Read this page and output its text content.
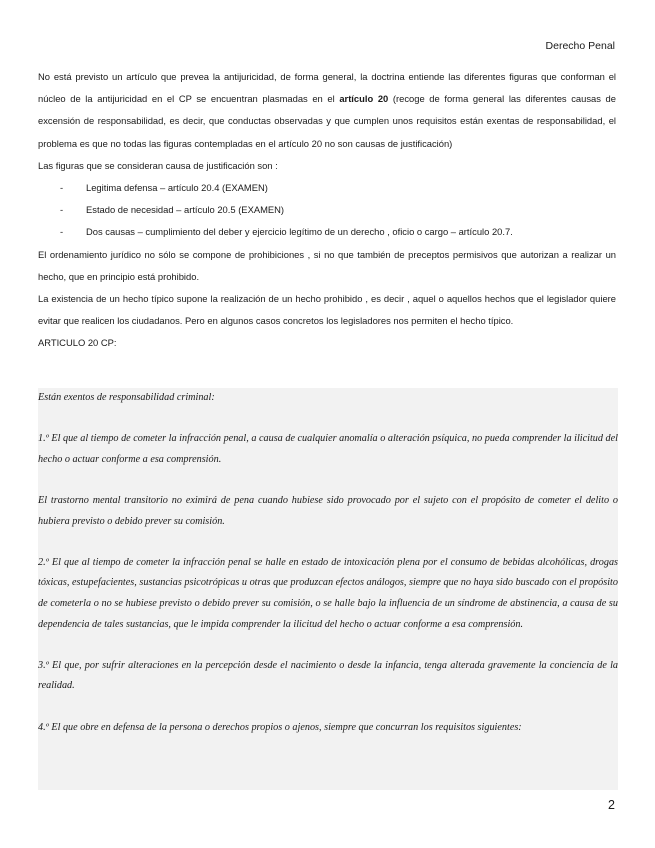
Derecho Penal

No está previsto un artículo que prevea la antijuricidad, de forma general, la doctrina entiende las diferentes figuras que conforman el núcleo de la antijuricidad en el CP se encuentran plasmadas en el artículo 20 (recoge de forma general las diferentes causas de excensión de responsabilidad, es decir, que conductas observadas y que cumplen unos requisitos están exentas de responsabilidad, el problema es que no todas las figuras contempladas en el artículo 20 no son causas de justificación)

Las figuras que se consideran causa de justificación son :

- Legitima defensa – artículo 20.4 (EXAMEN)
- Estado de necesidad – artículo 20.5 (EXAMEN)
- Dos causas – cumplimiento del deber y ejercicio legítimo de un derecho , oficio o cargo – artículo 20.7.

El ordenamiento jurídico no sólo se compone de prohibiciones , si no que también de preceptos permisivos que autorizan a realizar un hecho, que en principio está prohibido.

La existencia de un hecho típico supone la realización de un hecho prohibido , es decir , aquel o aquellos hechos que el legislador quiere evitar que realicen los ciudadanos. Pero en algunos casos concretos los legisladores nos permiten el hecho típico.

ARTICULO 20 CP:

Están exentos de responsabilidad criminal:

1.º El que al tiempo de cometer la infracción penal, a causa de cualquier anomalía o alteración psíquica, no pueda comprender la ilicitud del hecho o actuar conforme a esa comprensión.

El trastorno mental transitorio no eximirá de pena cuando hubiese sido provocado por el sujeto con el propósito de cometer el delito o hubiera previsto o debido prever su comisión.

2.º El que al tiempo de cometer la infracción penal se halle en estado de intoxicación plena por el consumo de bebidas alcohólicas, drogas tóxicas, estupefacientes, sustancias psicotrópicas u otras que produzcan efectos análogos, siempre que no haya sido buscado con el propósito de cometerla o no se hubiese previsto o debido prever su comisión, o se halle bajo la influencia de un síndrome de abstinencia, a causa de su dependencia de tales sustancias, que le impida comprender la ilicitud del hecho o actuar conforme a esa comprensión.

3.º El que, por sufrir alteraciones en la percepción desde el nacimiento o desde la infancia, tenga alterada gravemente la conciencia de la realidad.

4.º El que obre en defensa de la persona o derechos propios o ajenos, siempre que concurran los requisitos siguientes:

2
